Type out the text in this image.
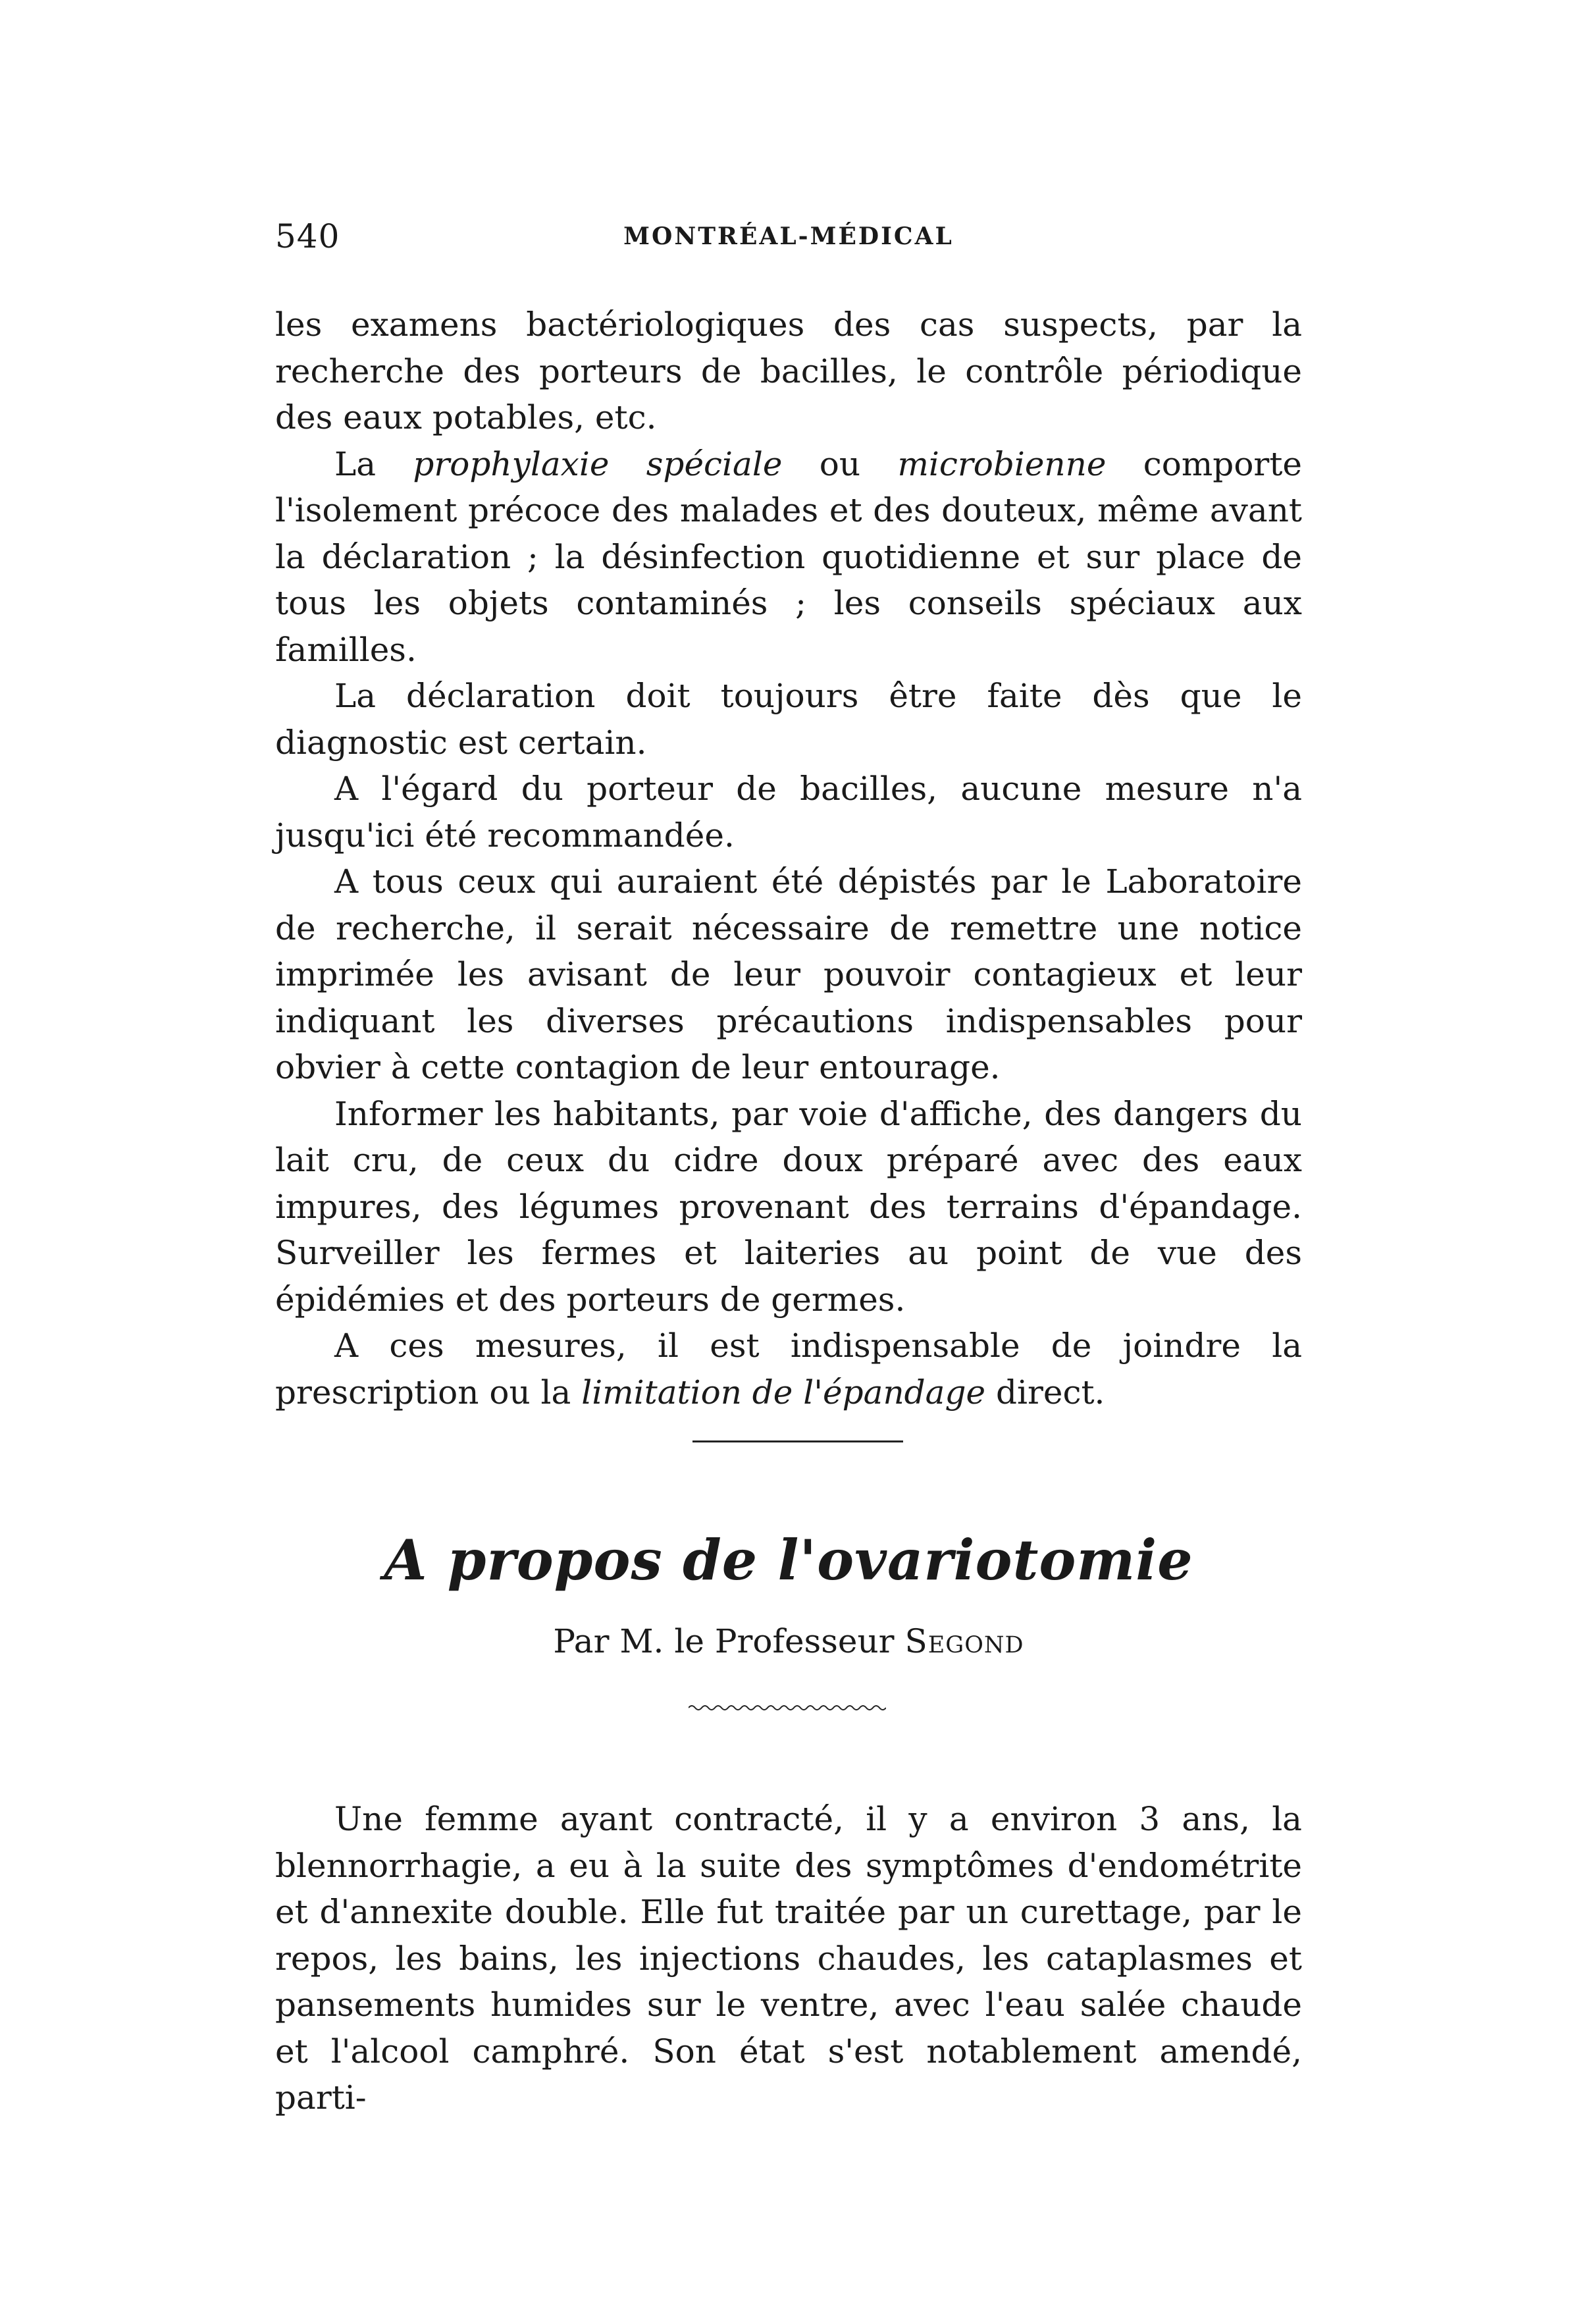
540	MONTRÉAL-MÉDICAL

les examens bactériologiques des cas suspects, par la recherche des porteurs de bacilles, le contrôle périodique des eaux potables, etc.

La prophylaxie spéciale ou microbienne comporte l'isolement précoce des malades et des douteux, même avant la déclaration ; la désinfection quotidienne et sur place de tous les objets contaminés ; les conseils spéciaux aux familles.

La déclaration doit toujours être faite dès que le diagnostic est certain.

A l'égard du porteur de bacilles, aucune mesure n'a jusqu'ici été recommandée.

A tous ceux qui auraient été dépistés par le Laboratoire de recherche, il serait nécessaire de remettre une notice imprimée les avisant de leur pouvoir contagieux et leur indiquant les diverses précautions indispensables pour obvier à cette contagion de leur entourage.

Informer les habitants, par voie d'affiche, des dangers du lait cru, de ceux du cidre doux préparé avec des eaux impures, des légumes provenant des terrains d'épandage. Surveiller les fermes et laiteries au point de vue des épidémies et des porteurs de germes.

A ces mesures, il est indispensable de joindre la prescription ou la limitation de l'épandage direct.

A propos de l'ovariotomie
Par M. le Professeur Segond

Une femme ayant contracté, il y a environ 3 ans, la blennorrhagie, a eu à la suite des symptômes d'endométrite et d'annexite double. Elle fut traitée par un curettage, par le repos, les bains, les injections chaudes, les cataplasmes et pansements humides sur le ventre, avec l'eau salée chaude et l'alcool camphré. Son état s'est notablement amendé, parti-
